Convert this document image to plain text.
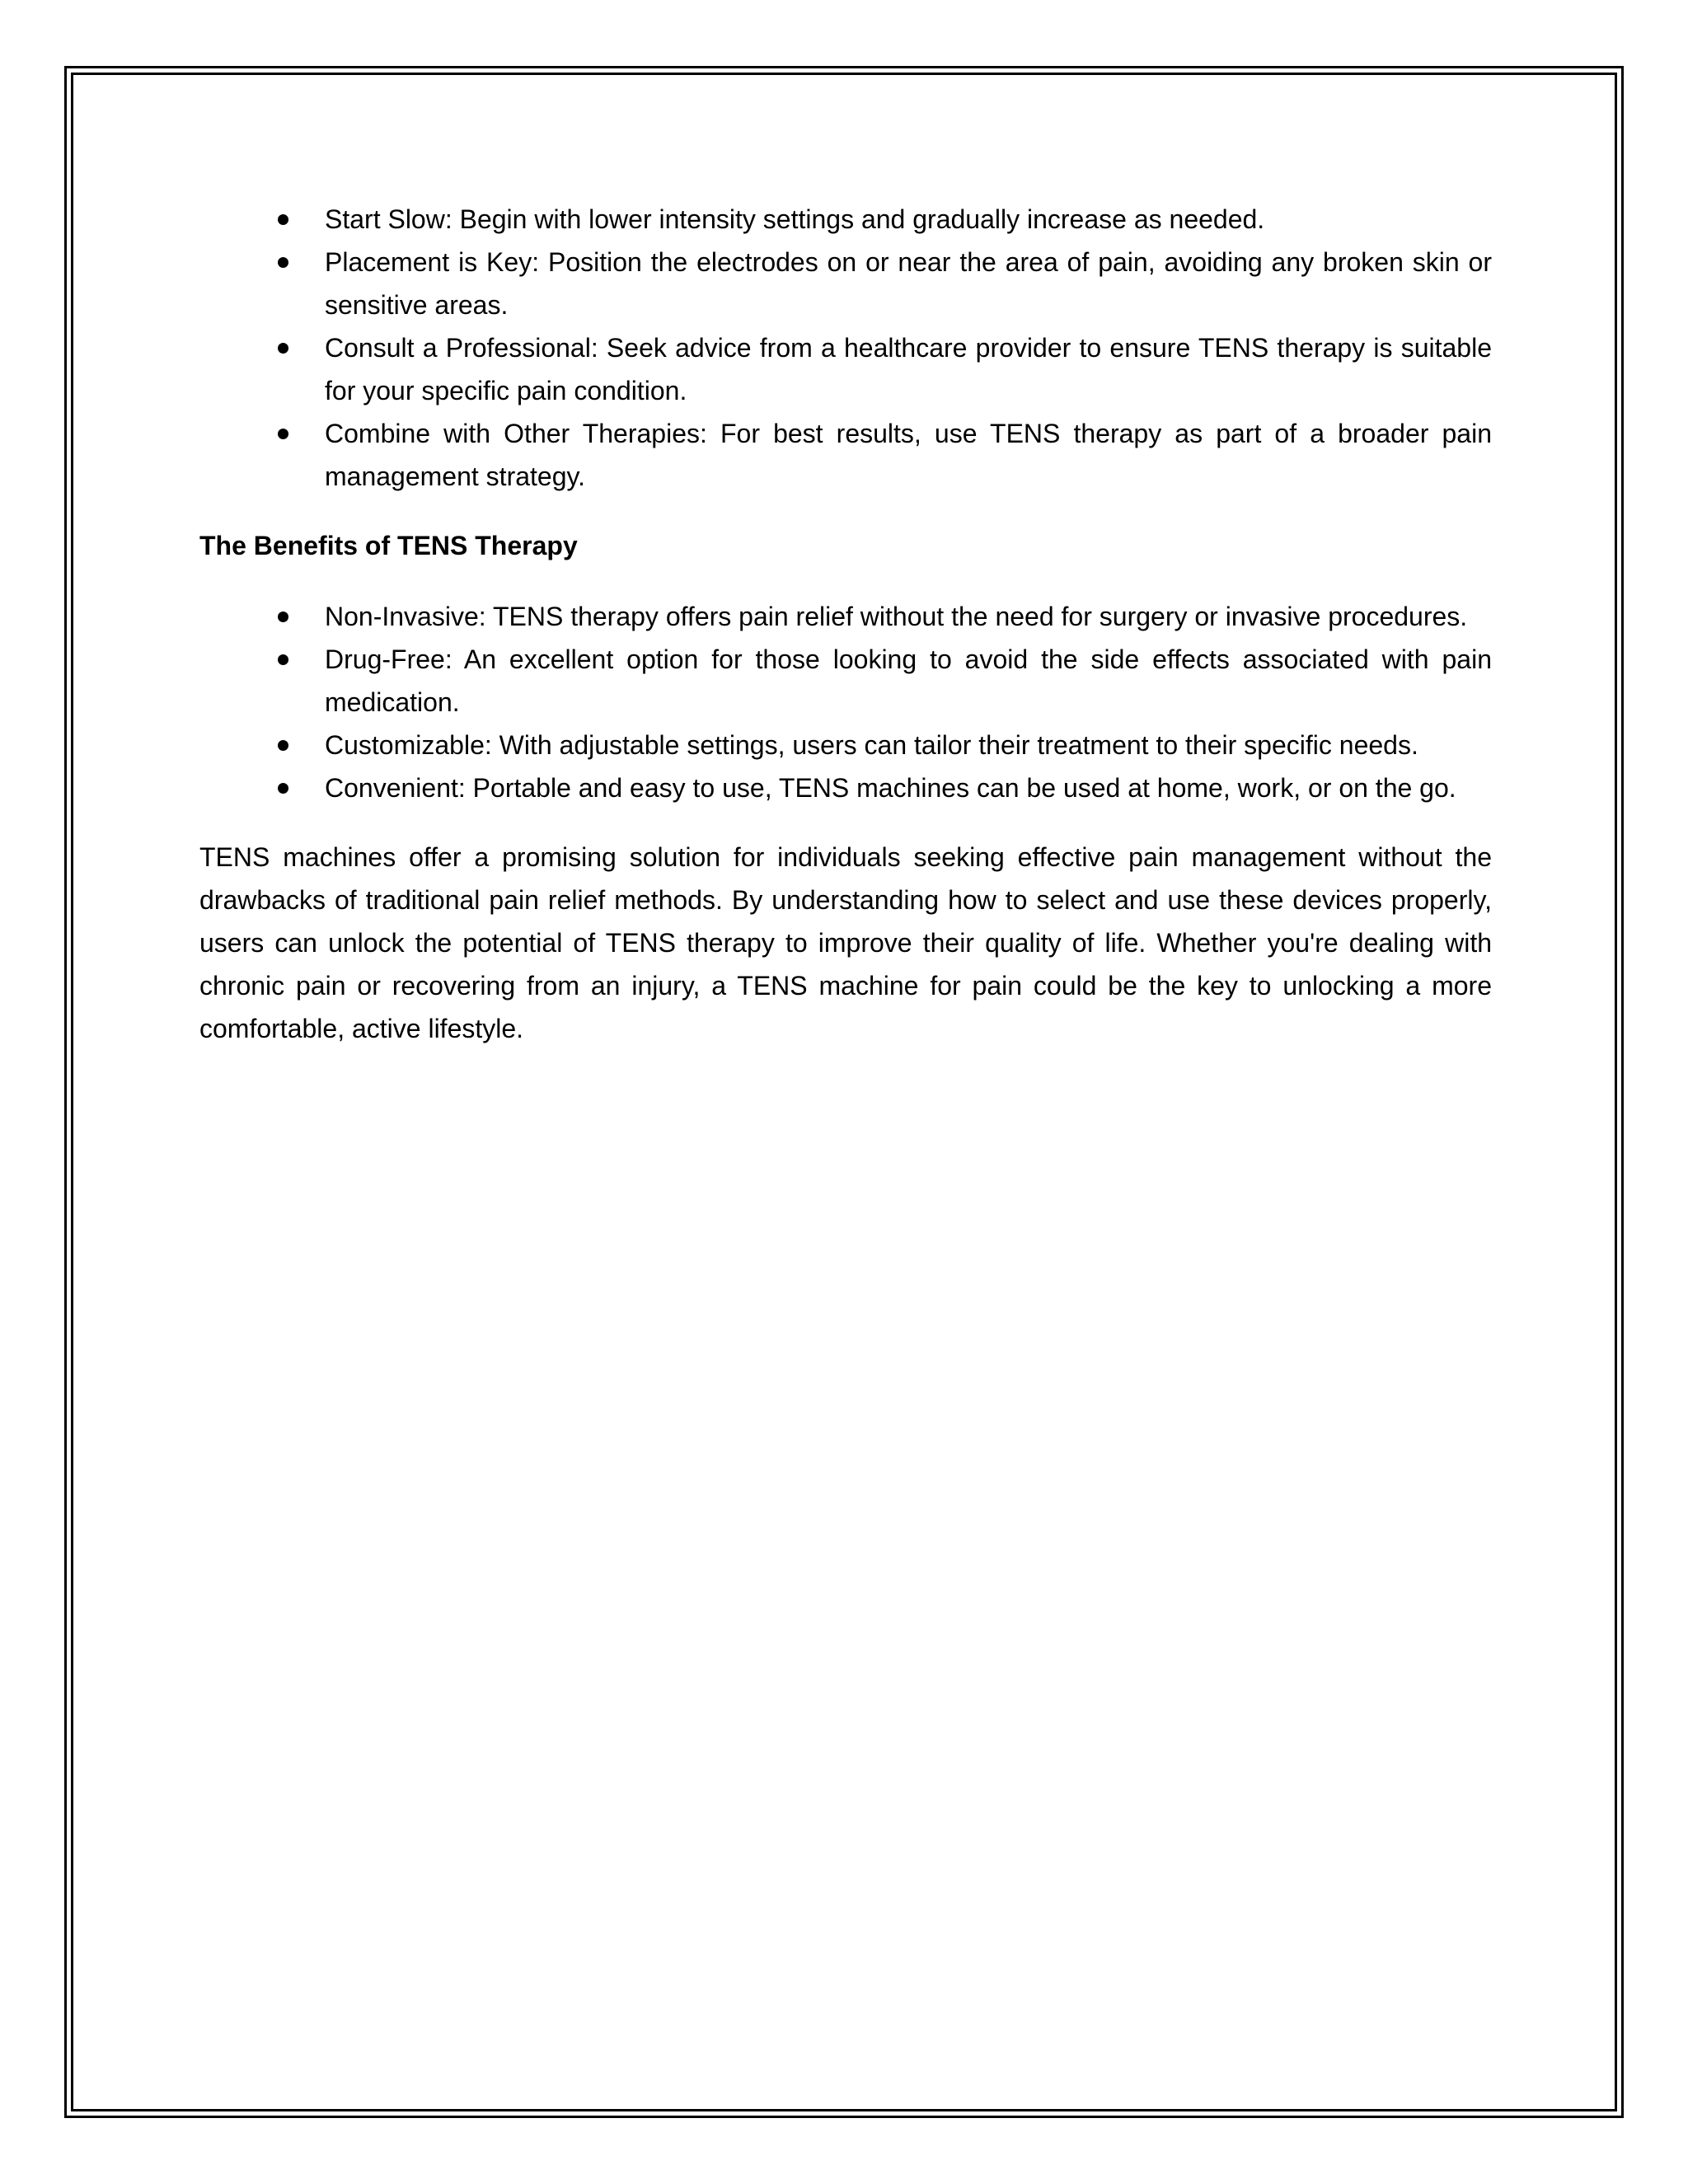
Start Slow: Begin with lower intensity settings and gradually increase as needed.
Placement is Key: Position the electrodes on or near the area of pain, avoiding any broken skin or sensitive areas.
Consult a Professional: Seek advice from a healthcare provider to ensure TENS therapy is suitable for your specific pain condition.
Combine with Other Therapies: For best results, use TENS therapy as part of a broader pain management strategy.
The Benefits of TENS Therapy
Non-Invasive: TENS therapy offers pain relief without the need for surgery or invasive procedures.
Drug-Free: An excellent option for those looking to avoid the side effects associated with pain medication.
Customizable: With adjustable settings, users can tailor their treatment to their specific needs.
Convenient: Portable and easy to use, TENS machines can be used at home, work, or on the go.

TENS machines offer a promising solution for individuals seeking effective pain management without the drawbacks of traditional pain relief methods. By understanding how to select and use these devices properly, users can unlock the potential of TENS therapy to improve their quality of life. Whether you're dealing with chronic pain or recovering from an injury, a TENS machine for pain could be the key to unlocking a more comfortable, active lifestyle.
